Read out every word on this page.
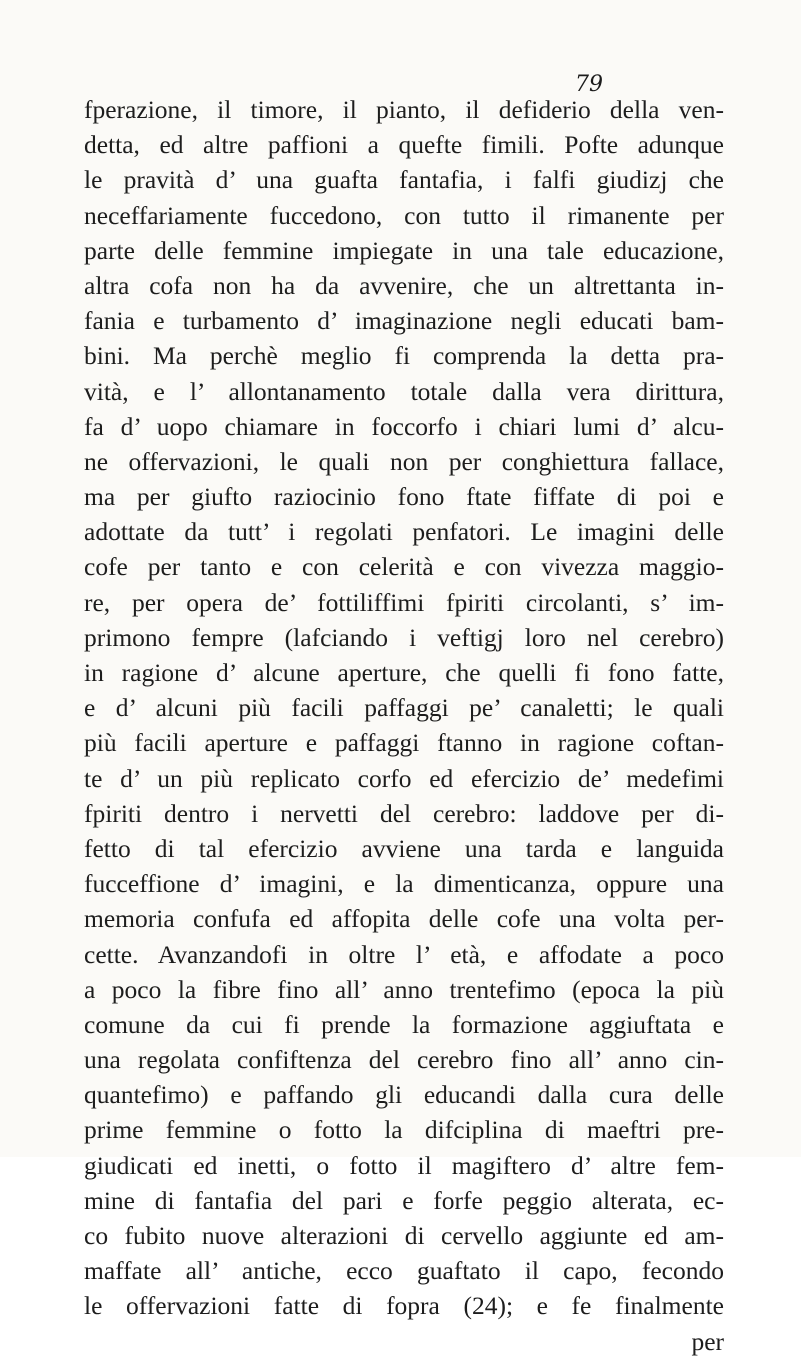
79
fperazione, il timore, il pianto, il defiderio della ven-
detta, ed altre paffioni a quefte fimili. Pofte adunque
le pravità d’ una guafta fantafia, i falfi giudizj che
neceffariamente fuccedono, con tutto il rimanente per
parte delle femmine impiegate in una tale educazione,
altra cofa non ha da avvenire, che un altrettanta in-
fania e turbamento d’ imaginazione negli educati bam-
bini. Ma perchè meglio fi comprenda la detta pra-
vità, e l’ allontanamento totale dalla vera dirittura,
fa d’ uopo chiamare in foccorfo i chiari lumi d’ alcu-
ne offervazioni, le quali non per conghiettura fallace,
ma per giufto raziocinio fono ftate fiffate di poi e
adottate da tutt’ i regolati penfatori. Le imagini delle
cofe per tanto e con celerità e con vivezza maggio-
re, per opera de’ fottiliffimi fpiriti circolanti, s’ im-
primono fempre (lafciando i veftigj loro nel cerebro)
in ragione d’ alcune aperture, che quelli fi fono fatte,
e d’ alcuni più facili paffaggi pe’ canaletti; le quali
più facili aperture e paffaggi ftanno in ragione coftan-
te d’ un più replicato corfo ed efercizio de’ medefimi
fpiriti dentro i nervetti del cerebro: laddove per di-
fetto di tal efercizio avviene una tarda e languida
fucceffione d’ imagini, e la dimenticanza, oppure una
memoria confufa ed affopita delle cofe una volta per-
cette. Avanzandofi in oltre l’ età, e affodate a poco
a poco la fibre fino all’ anno trentefimo (epoca la più
comune da cui fi prende la formazione aggiuftata e
una regolata confiftenza del cerebro fino all’ anno cin-
quantefimo) e paffando gli educandi dalla cura delle
prime femmine o fotto la difciplina di maeftri pre-
giudicati ed inetti, o fotto il magiftero d’ altre fem-
mine di fantafia del pari e forfe peggio alterata, ec-
co fubito nuove alterazioni di cervello aggiunte ed am-
maffate all’ antiche, ecco guaftato il capo, fecondo
le offervazioni fatte di fopra (24); e fe finalmente
per
